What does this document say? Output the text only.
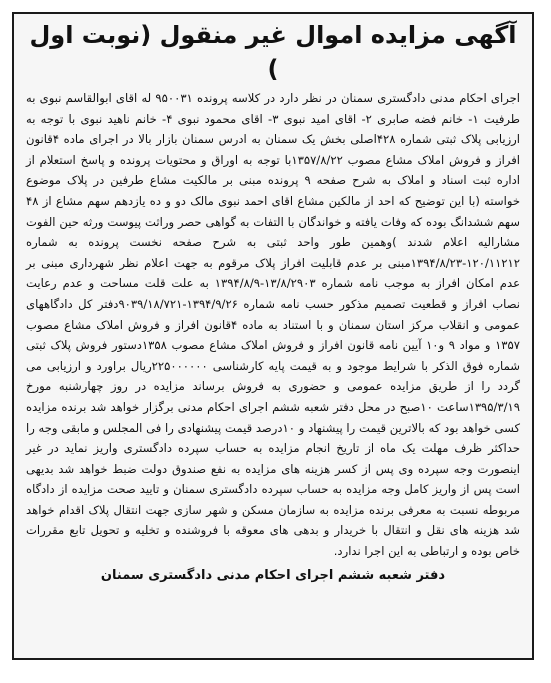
آگهی مزایده اموال غیر منقول (نوبت اول )
اجرای احکام مدنی دادگستری سمنان در نظر دارد در کلاسه پرونده ۹۵۰۰۳۱ له اقای ابوالقاسم نبوی به طرفیت ۱- خانم فضه صابری ۲- اقای امید نبوی ۳- اقای محمود نبوی ۴- خانم ناهید نبوی با توجه به ارزیابی پلاک ثبتی شماره ۴۲۸اصلی بخش یک سمنان به ادرس سمنان بازار بالا در اجرای ماده ۴قانون افراز و فروش املاک مشاع مصوب ۱۳۵۷/۸/۲۲با توجه به اوراق و محتویات پرونده و پاسخ استعلام از اداره ثبت اسناد و املاک به شرح صفحه ۹ پرونده مبنی بر مالکیت مشاع طرفین در پلاک موضوع خواسته (با این توضیح که احد از مالکین مشاع اقای احمد نبوی مالک دو و ده یازدهم سهم مشاع از ۴۸ سهم ششدانگ بوده که وفات یافته و خواندگان با التفات به گواهی حصر وراثت پیوست ورثه حین الفوت مشارالیه اعلام شدند )وهمین طور واحد ثبتی به شرح صفحه نخست پرونده به شماره ۱۲۰/۱۱۲۱۲-۱۳۹۴/۸/۲۳مبنی بر عدم قابلیت افراز پلاک مرقوم به جهت اعلام نظر شهرداری مبنی بر عدم امکان افراز به موجب نامه شماره ۱۳/۸/۲۹۰۳-۱۳۹۴/۸/۹ به علت قلت مساحت و عدم رعایت نصاب افراز و قطعیت تصمیم مذکور حسب نامه شماره ۱۳۹۴/۹/۲۶-۹۰۳۹/۱۸/۷۲۱دفتر کل دادگاههای عمومی و انقلاب مرکز استان سمنان و با استناد به ماده ۴قانون افراز و فروش املاک مشاع مصوب ۱۳۵۷ و مواد ۹ و۱۰ آیین نامه قانون افراز و فروش املاک مشاع مصوب ۱۳۵۸دستور فروش پلاک ثبتی شماره فوق الذکر با شرایط موجود و به قیمت پایه کارشناسی ۲۲۵۰۰۰۰۰۰ریال براورد و ارزیابی می گردد را از طریق مزایده عمومی و حضوری به فروش برساند مزایده در روز چهارشنبه مورخ ۱۳۹۵/۳/۱۹ساعت ۱۰صبح در محل دفتر شعبه ششم اجرای احکام مدنی برگزار خواهد شد برنده مزایده کسی خواهد بود که بالاترین قیمت را پیشنهاد و ۱۰درصد قیمت پیشنهادی را فی المجلس و مابقی وجه را حداکثر ظرف مهلت یک ماه از تاریخ انجام مزایده به حساب سپرده دادگستری واریز نماید در غیر اینصورت وجه سپرده وی پس از کسر هزینه های مزایده به نفع صندوق دولت ضبط خواهد شد بدیهی است پس از واریز کامل وجه مزایده به حساب سپرده دادگستری سمنان و تایید صحت مزایده از دادگاه مربوطه نسبت به معرفی برنده مزایده به سازمان مسکن و شهر سازی جهت انتقال پلاک اقدام خواهد شد هزینه های نقل و انتقال با خریدار و بدهی های معوقه با فروشنده و تخلیه و تحویل تابع مقررات خاص بوده و ارتباطی به این اجرا ندارد.
دفتر شعبه ششم اجرای احکام مدنی دادگستری سمنان
